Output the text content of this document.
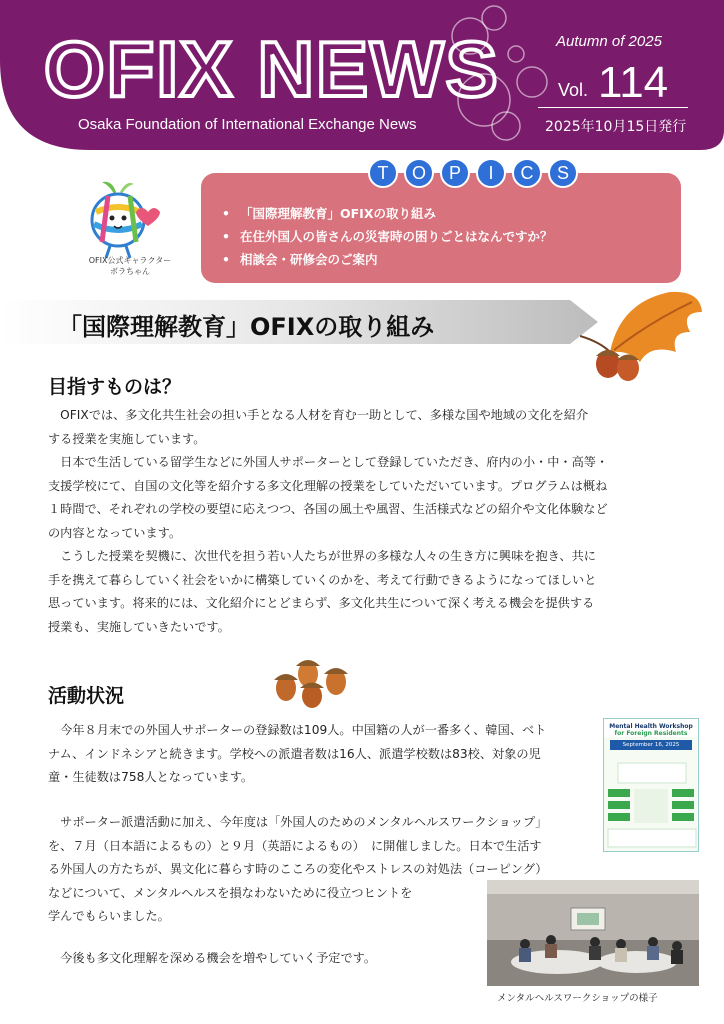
OFIX NEWS
Osaka Foundation of International Exchange News
Autumn of 2025
Vol. 114
2025年10月15日発行
OFIX公式キャラクター
ボラちゃん
T	O	P	I	C	S
• 「国際理解教育」OFIXの取り組み
• 在住外国人の皆さんの災害時の困りごとはなんですか？
• 相談会・研修会のご案内
「国際理解教育」OFIXの取り組み
目指すものは？
　OFIXでは、多文化共生社会の担い手となる人材を育む一助として、多様な国や地域の文化を紹介
する授業を実施しています。
　日本で生活している留学生などに外国人サポーターとして登録していただき、府内の小・中・高等・
支援学校にて、自国の文化等を紹介する多文化理解の授業をしていただいています。プログラムは概ね
１時間で、それぞれの学校の要望に応えつつ、各国の風土や風習、生活様式などの紹介や文化体験など
の内容となっています。
　こうした授業を契機に、次世代を担う若い人たちが世界の多様な人々の生き方に興味を抱き、共に
手を携えて暮らしていく社会をいかに構築していくのかを、考えて行動できるようになってほしいと
思っています。将来的には、文化紹介にとどまらず、多文化共生について深く考える機会を提供する
授業も、実施していきたいです。
活動状況
　今年８月末での外国人サポーターの登録数は109人。中国籍の人が一番多く、韓国、ベト
ナム、インドネシアと続きます。学校への派遣者数は16人、派遣学校数は83校、対象の児
童・生徒数は758人となっています。
　サポーター派遣活動に加え、今年度は「外国人のためのメンタルヘルスワークショップ」
を、７月（日本語によるもの）と９月（英語によるもの）　に開催しました。日本で生活す
る外国人の方たちが、異文化に暮らす時のこころの変化やストレスの対処法（コーピング）
などについて、メンタルヘルスを損なわないために役立つヒントを
学んでもらいました。
　今後も多文化理解を深める機会を増やしていく予定です。
Mental Health Workshop
for Foreign Residents
September 16, 2025
メンタルヘルスワークショップの様子
